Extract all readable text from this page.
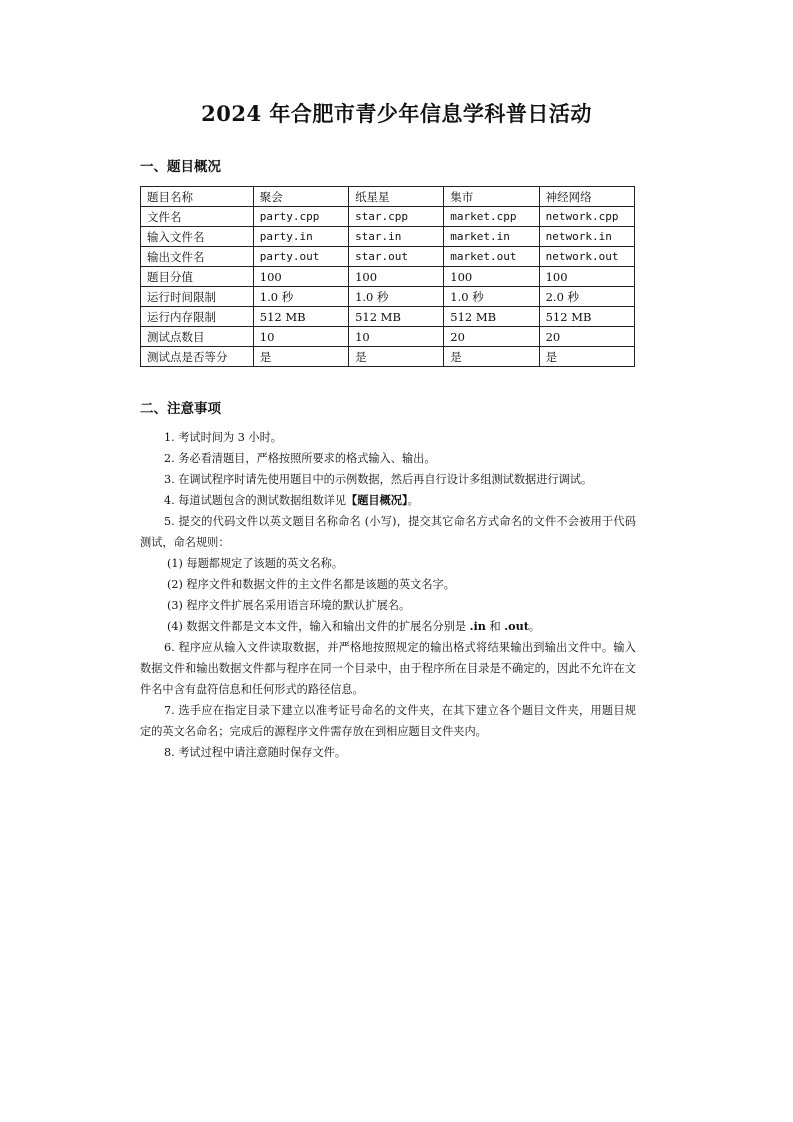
2024 年合肥市青少年信息学科普日活动
一、题目概况
题目名称	聚会	纸星星	集市	神经网络
文件名	party.cpp	star.cpp	market.cpp	network.cpp
输入文件名	party.in	star.in	market.in	network.in
输出文件名	party.out	star.out	market.out	network.out
题目分值	100	100	100	100
运行时间限制	1.0 秒	1.0 秒	1.0 秒	2.0 秒
运行内存限制	512 MB	512 MB	512 MB	512 MB
测试点数目	10	10	20	20
测试点是否等分	是	是	是	是
二、注意事项

1. 考试时间为 3 小时。

2. 务必看清题目，严格按照所要求的格式输入、输出。

3. 在调试程序时请先使用题目中的示例数据，然后再自行设计多组测试数据进行调试。

4. 每道试题包含的测试数据组数详见【题目概况】。

5. 提交的代码文件以英文题目名称命名 (小写)，提交其它命名方式命名的文件不会被用于代码测试，命名规则：

(1) 每题都规定了该题的英文名称。

(2) 程序文件和数据文件的主文件名都是该题的英文名字。

(3) 程序文件扩展名采用语言环境的默认扩展名。

(4) 数据文件都是文本文件，输入和输出文件的扩展名分别是 .in 和 .out。

6. 程序应从输入文件读取数据，并严格地按照规定的输出格式将结果输出到输出文件中。输入数据文件和输出数据文件都与程序在同一个目录中，由于程序所在目录是不确定的，因此不允许在文件名中含有盘符信息和任何形式的路径信息。

7. 选手应在指定目录下建立以准考证号命名的文件夹，在其下建立各个题目文件夹，用题目规定的英文名命名；完成后的源程序文件需存放在到相应题目文件夹内。

8. 考试过程中请注意随时保存文件。
